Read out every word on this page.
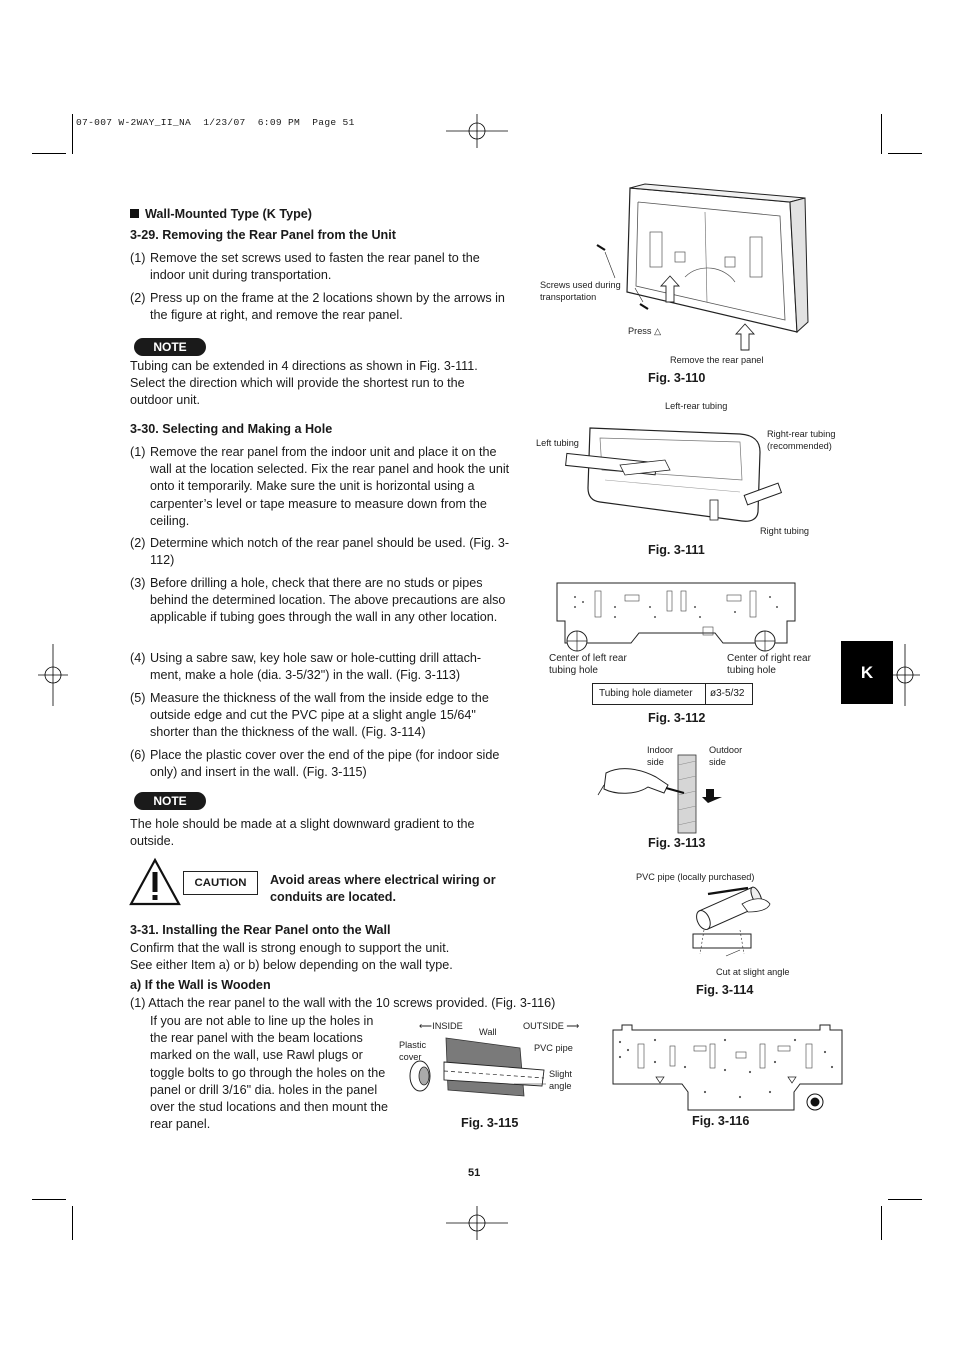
07-007 W-2WAY_II_NA  1/23/07  6:09 PM  Page 51
K
Wall-Mounted Type (K Type)
3-29. Removing the Rear Panel from the Unit
(1) Remove the set screws used to fasten the rear panel to the indoor unit during transportation.
(2) Press up on the frame at the 2 locations shown by the arrows in the figure at right, and remove the rear panel.
NOTE
Tubing can be extended in 4 directions as shown in Fig. 3-111. Select the direction which will provide the shortest run to the outdoor unit.
3-30. Selecting and Making a Hole
(1) Remove the rear panel from the indoor unit and place it on the wall at the location selected. Fix the rear panel and hook the unit onto it temporarily. Make sure the unit is horizontal using a carpenter’s level or tape measure to measure down from the ceiling.
(2) Determine which notch of the rear panel should be used. (Fig. 3-112)
(3) Before drilling a hole, check that there are no studs or pipes behind the determined location. The above precautions are also applicable if tubing goes through the wall in any other location.
(4) Using a sabre saw, key hole saw or hole-cutting drill attach- ment, make a hole (dia. 3-5/32") in the wall. (Fig. 3-113)
(5) Measure the thickness of the wall from the inside edge to the outside edge and cut the PVC pipe at a slight angle 15/64" shorter than the thickness of the wall. (Fig. 3-114)
(6) Place the plastic cover over the end of the pipe (for indoor side only) and insert in the wall. (Fig. 3-115)
NOTE
The hole should be made at a slight downward gradient to the outside.
CAUTION	Avoid areas where electrical wiring or conduits are located.
3-31. Installing the Rear Panel onto the Wall
Confirm that the wall is strong enough to support the unit.
See either Item a) or b) below depending on the wall type.
a) If the Wall is Wooden
(1) Attach the rear panel to the wall with the 10 screws provided. (Fig. 3-116)
If you are not able to line up the holes in the rear panel with the beam locations marked on the wall, use Rawl plugs or toggle bolts to go through the holes on the panel or drill 3/16" dia. holes in the panel over the stud locations and then mount the rear panel.
Screws used during transportation
Press △
Remove the rear panel
Fig. 3-110
Left-rear tubing
Left tubing
Right-rear tubing (recommended)
Right tubing
Fig. 3-111
Center of left rear tubing hole
Center of right rear tubing hole
Tubing hole diameter ø3-5/32
Fig. 3-112
Indoor side
Outdoor side
Fig. 3-113
PVC pipe (locally purchased)
Cut at slight angle
Fig. 3-114
⟵INSIDE
Wall
OUTSIDE ⟶
Plastic cover
PVC pipe
Slight angle
Fig. 3-115	Fig. 3-116
51
